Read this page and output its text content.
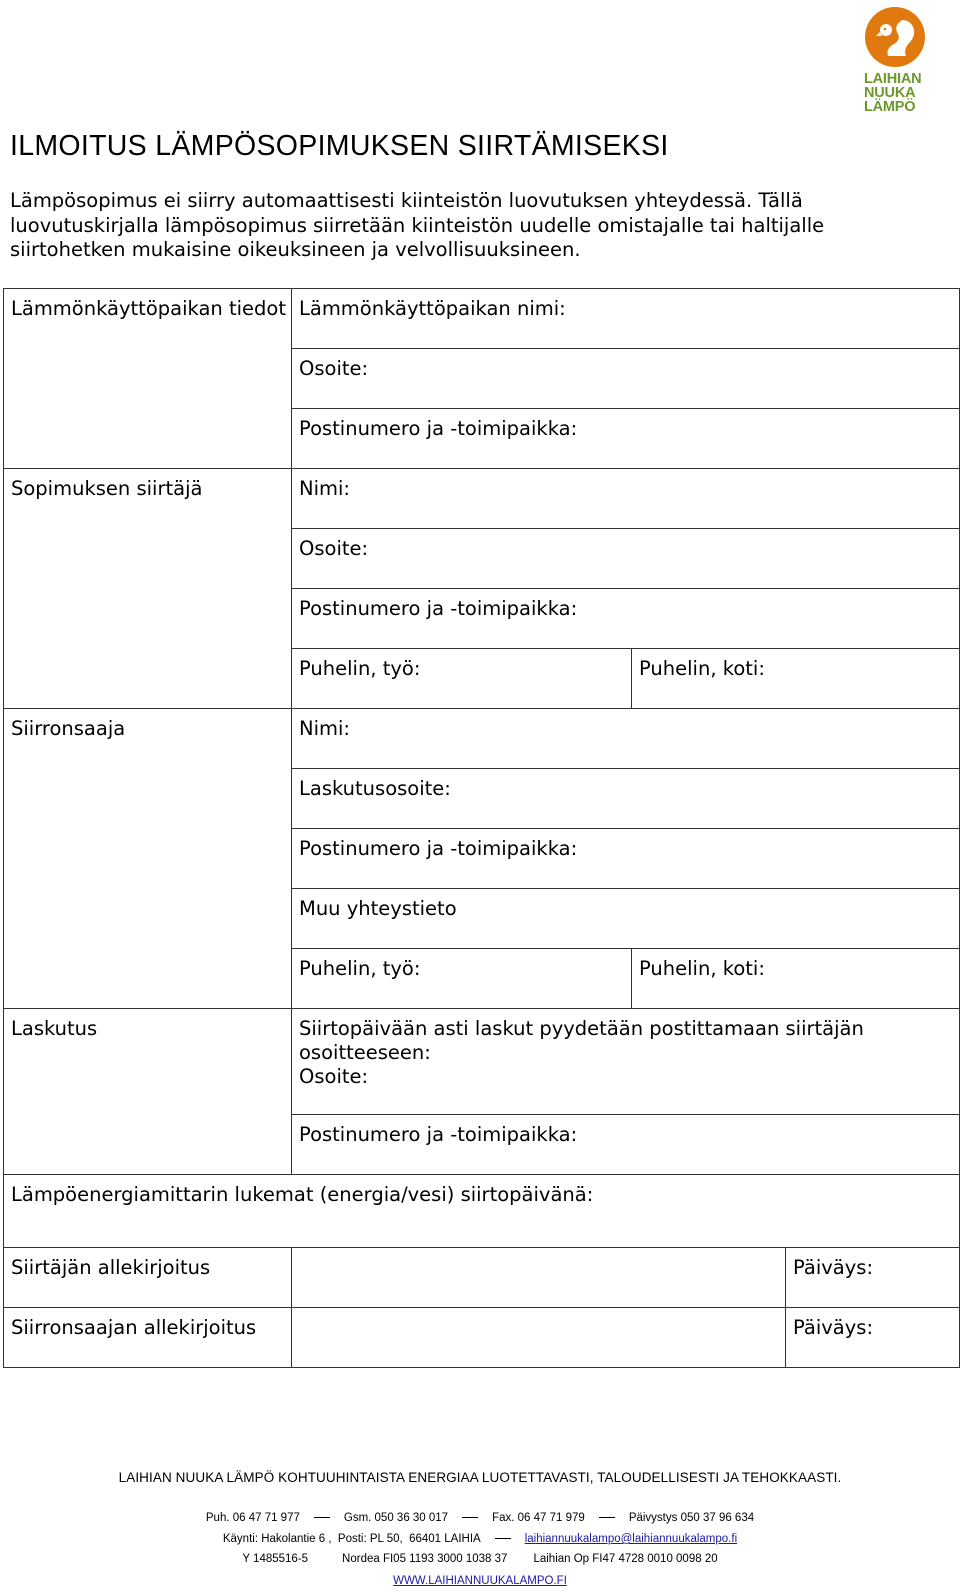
LAIHIAN
NUUKA
LÄMPÖ
ILMOITUS LÄMPÖSOPIMUKSEN SIIRTÄMISEKSI
Lämpösopimus ei siirry automaattisesti kiinteistön luovutuksen yhteydessä. Tällä
luovutuskirjalla lämpösopimus siirretään kiinteistön uudelle omistajalle tai haltijalle
siirtohetken mukaisine oikeuksineen ja velvollisuuksineen.
Lämmönkäyttöpaikan tiedot	Lämmönkäyttöpaikan nimi:		

	Osoite:		

	Postinumero ja -toimipaikka:		

Sopimuksen siirtäjä	Nimi:		

	Osoite:		

	Postinumero ja -toimipaikka:		

	Puhelin, työ:	Puhelin, koti:	

Siirronsaaja	Nimi:		

	Laskutusosoite:		

	Postinumero ja -toimipaikka:		

	Muu yhteystieto		

	Puhelin, työ:	Puhelin, koti:	

Laskutus	Siirtopäivään asti laskut pyydetään postittamaan siirtäjän osoitteeseen:
Osoite:		

	Postinumero ja -toimipaikka:		

Lämpöenergiamittarin lukemat (energia/vesi) siirtopäivänä:			

Siirtäjän allekirjoitus			Päiväys:

Siirronsaajan allekirjoitus			Päiväys:
LAIHIAN NUUKA LÄMPÖ KOHTUUHINTAISTA ENERGIAA LUOTETTAVASTI, TALOUDELLISESTI JA TEHOKKAASTI.
Puh. 06 47 71 977	Gsm. 050 36 30 017	Fax. 06 47 71 979	Päivystys 050 37 96 634
Käynti: Hakolantie 6 ,  Posti: PL 50,  66401 LAIHIA	laihiannuukalampo@laihiannuukalampo.fi
Y 1485516-5	Nordea FI05 1193 3000 1038 37 Laihian Op FI47 4728 0010 0098 20
WWW.LAIHIANNUUKALAMPO.FI
